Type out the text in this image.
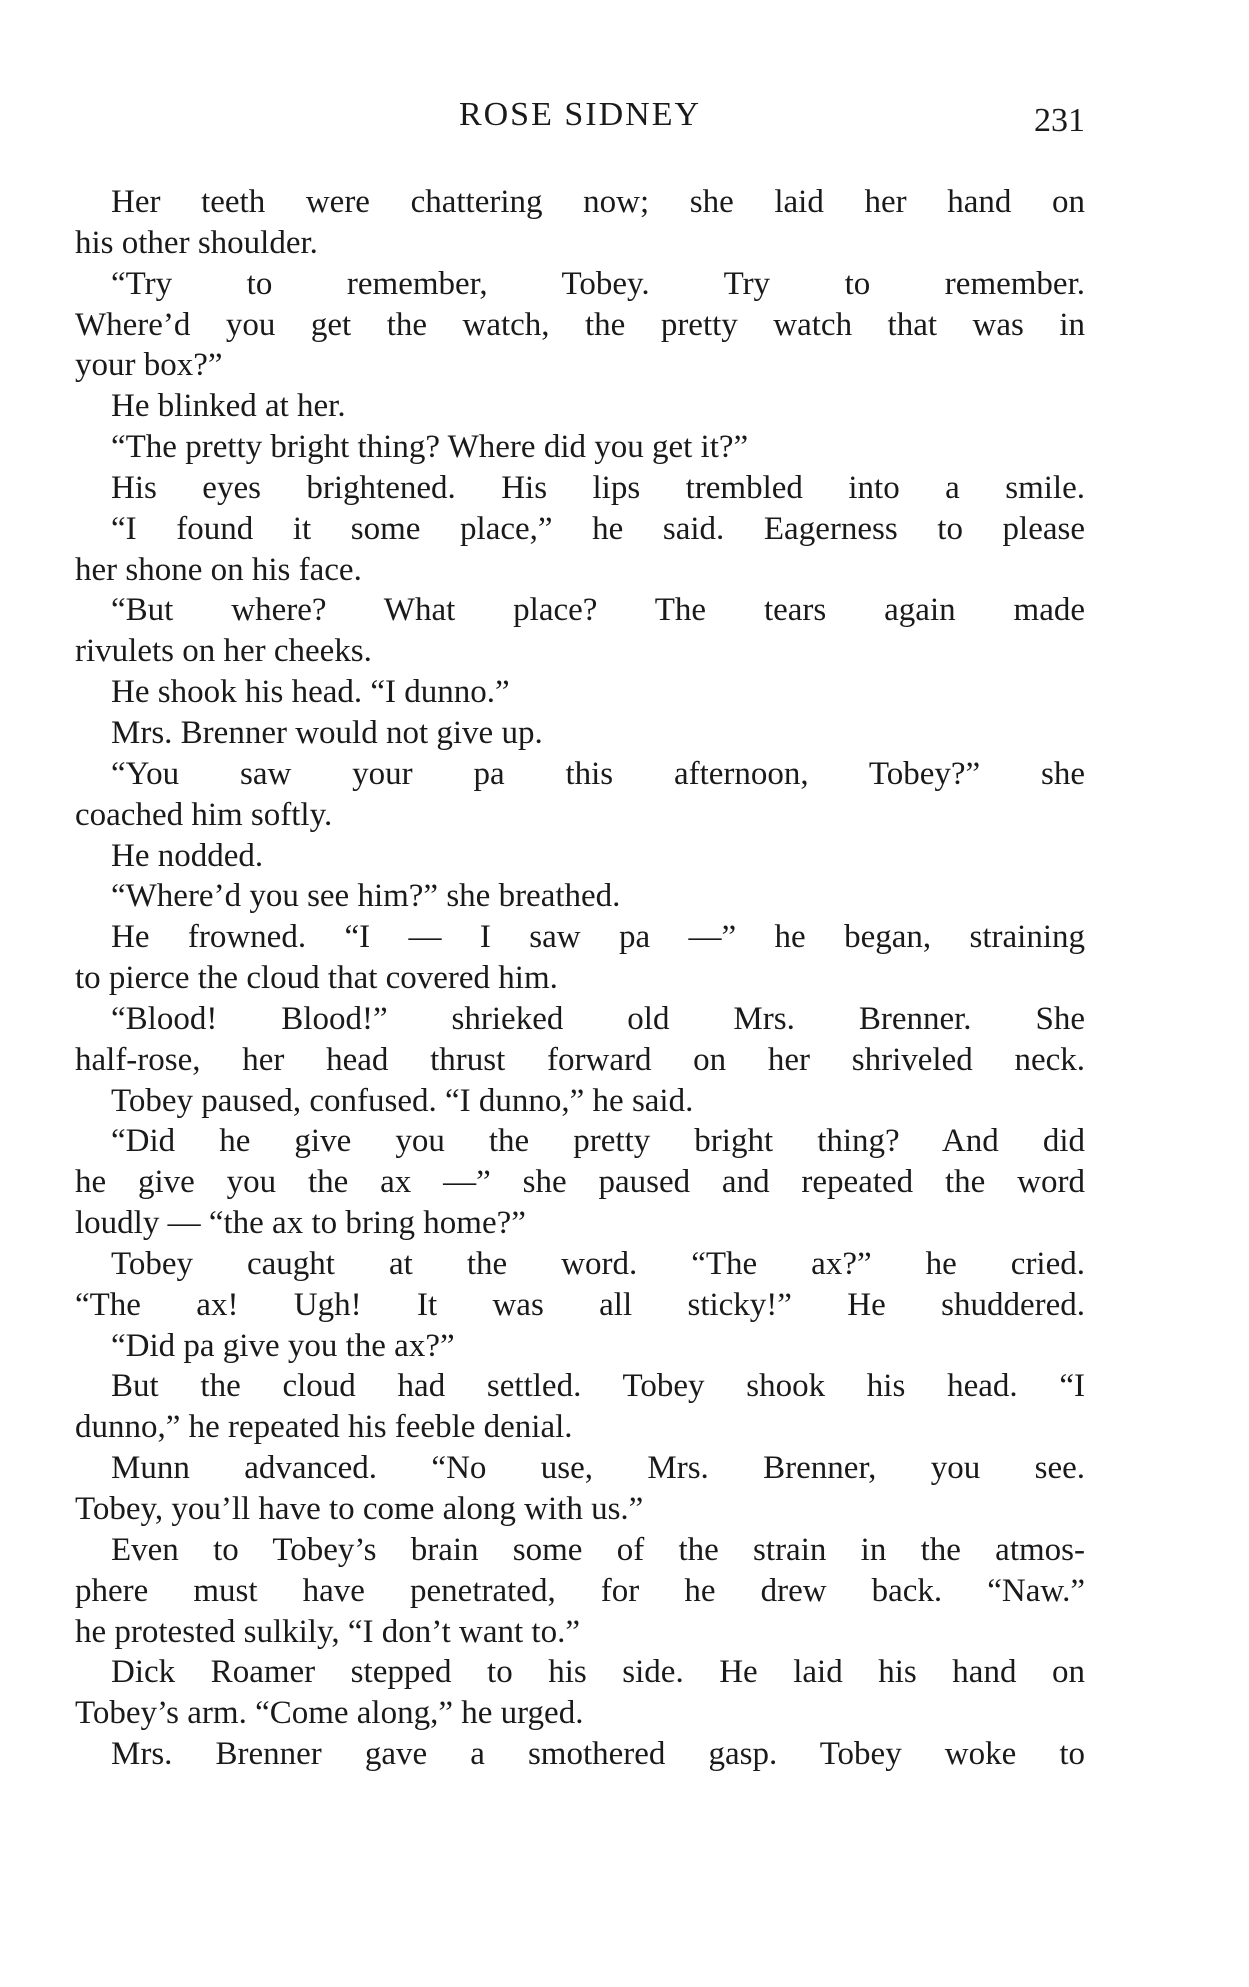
ROSE SIDNEY	231
Her teeth were chattering now; she laid her hand on
his other shoulder.
“Try to remember, Tobey. Try to remember.
Where’d you get the watch, the pretty watch that was in
your box?”
He blinked at her.
“The pretty bright thing? Where did you get it?”
His eyes brightened. His lips trembled into a smile.
“I found it some place,” he said. Eagerness to please
her shone on his face.
“But where? What place? The tears again made
rivulets on her cheeks.
He shook his head. “I dunno.”
Mrs. Brenner would not give up.
“You saw your pa this afternoon, Tobey?” she
coached him softly.
He nodded.
“Where’d you see him?” she breathed.
He frowned. “I — I saw pa —” he began, straining
to pierce the cloud that covered him.
“Blood! Blood!” shrieked old Mrs. Brenner. She
half-rose, her head thrust forward on her shriveled neck.
Tobey paused, confused. “I dunno,” he said.
“Did he give you the pretty bright thing? And did
he give you the ax —” she paused and repeated the word
loudly — “the ax to bring home?”
Tobey caught at the word. “The ax?” he cried.
“The ax! Ugh! It was all sticky!” He shuddered.
“Did pa give you the ax?”
But the cloud had settled. Tobey shook his head. “I
dunno,” he repeated his feeble denial.
Munn advanced. “No use, Mrs. Brenner, you see.
Tobey, you’ll have to come along with us.”
Even to Tobey’s brain some of the strain in the atmos-
phere must have penetrated, for he drew back. “Naw.”
he protested sulkily, “I don’t want to.”
Dick Roamer stepped to his side. He laid his hand on
Tobey’s arm. “Come along,” he urged.
Mrs. Brenner gave a smothered gasp. Tobey woke to
